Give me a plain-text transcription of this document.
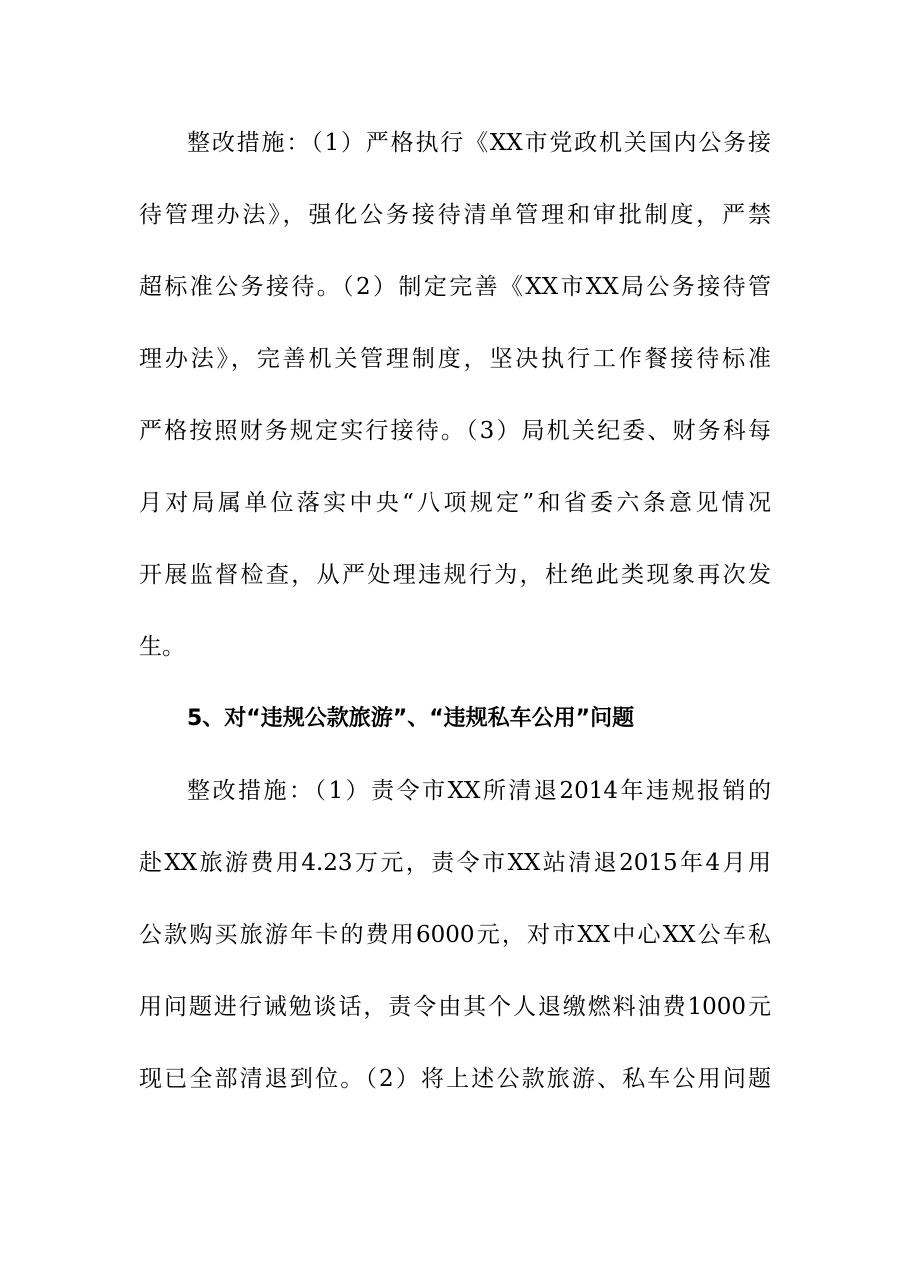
整改措施：（1）严格执行《XX市党政机关国内公务接
待管理办法》，强化公务接待清单管理和审批制度，严禁
超标准公务接待。（2）制定完善《XX市XX局公务接待管
理办法》，完善机关管理制度，坚决执行工作餐接待标准
严格按照财务规定实行接待。（3）局机关纪委、财务科每
月对局属单位落实中央“八项规定”和省委六条意见情况
开展监督检查，从严处理违规行为，杜绝此类现象再次发
生。
5、对“违规公款旅游”、“违规私车公用”问题
整改措施：（1）责令市XX所清退2014年违规报销的
赴XX旅游费用4.23万元，责令市XX站清退2015年4月用
公款购买旅游年卡的费用6000元，对市XX中心XX公车私
用问题进行诫勉谈话，责令由其个人退缴燃料油费1000元
现已全部清退到位。（2）将上述公款旅游、私车公用问题
